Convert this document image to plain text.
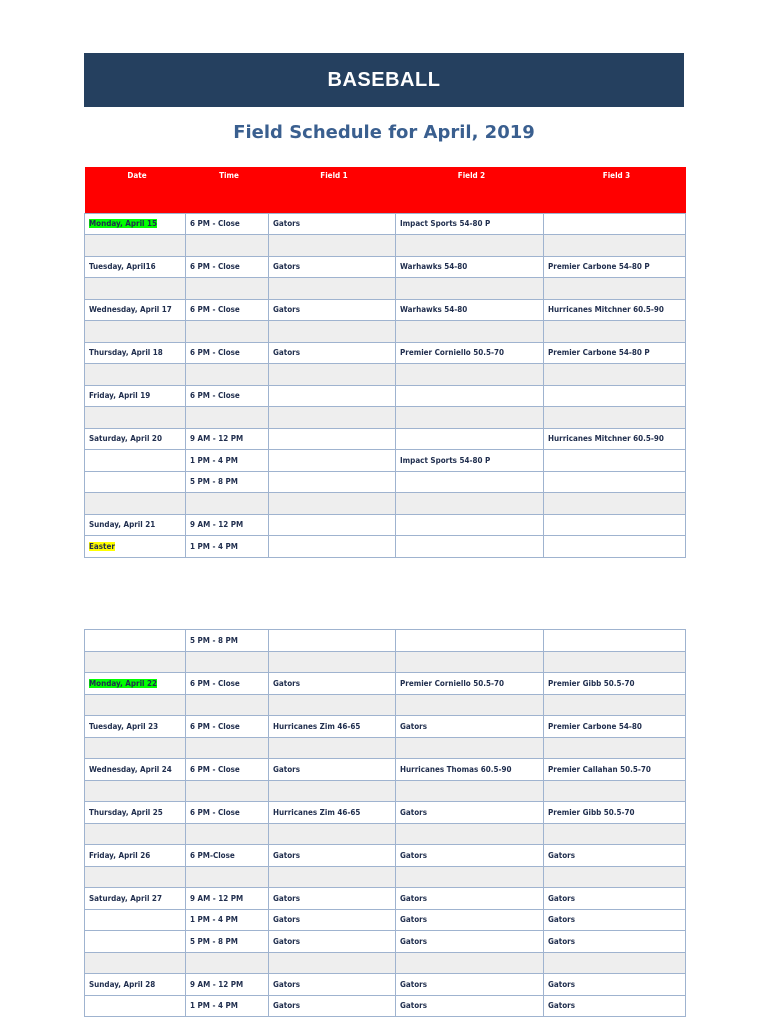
BASEBALL
Field Schedule for April, 2019
Date	Time	Field 1	Field 2	Field 3
Monday, April 15	6 PM - Close	Gators	Impact Sports 54-80 P	

Tuesday, April16	6 PM - Close	Gators	Warhawks 54-80	Premier Carbone 54-80 P

Wednesday, April 17	6 PM - Close	Gators	Warhawks 54-80	Hurricanes Mitchner 60.5-90

Thursday, April 18	6 PM - Close	Gators	Premier Corniello 50.5-70	Premier Carbone 54-80 P

Friday, April 19	6 PM - Close			

Saturday, April 20	9 AM - 12 PM			Hurricanes Mitchner 60.5-90
	1 PM - 4 PM		Impact Sports 54-80 P	
	5 PM - 8 PM			

Sunday, April 21	9 AM - 12 PM			
Easter	1 PM - 4 PM			
	5 PM - 8 PM			

Monday, April 22	6 PM - Close	Gators	Premier Corniello 50.5-70	Premier Gibb 50.5-70

Tuesday, April 23	6 PM - Close	Hurricanes Zim 46-65	Gators	Premier Carbone 54-80

Wednesday, April 24	6 PM - Close	Gators	Hurricanes Thomas 60.5-90	Premier Callahan 50.5-70

Thursday, April 25	6 PM - Close	Hurricanes Zim 46-65	Gators	Premier Gibb 50.5-70

Friday, April 26	6 PM-Close	Gators	Gators	Gators

Saturday, April 27	9 AM - 12 PM	Gators	Gators	Gators
	1 PM - 4 PM	Gators	Gators	Gators
	5 PM - 8 PM	Gators	Gators	Gators

Sunday, April 28	9 AM - 12 PM	Gators	Gators	Gators
	1 PM - 4 PM	Gators	Gators	Gators
